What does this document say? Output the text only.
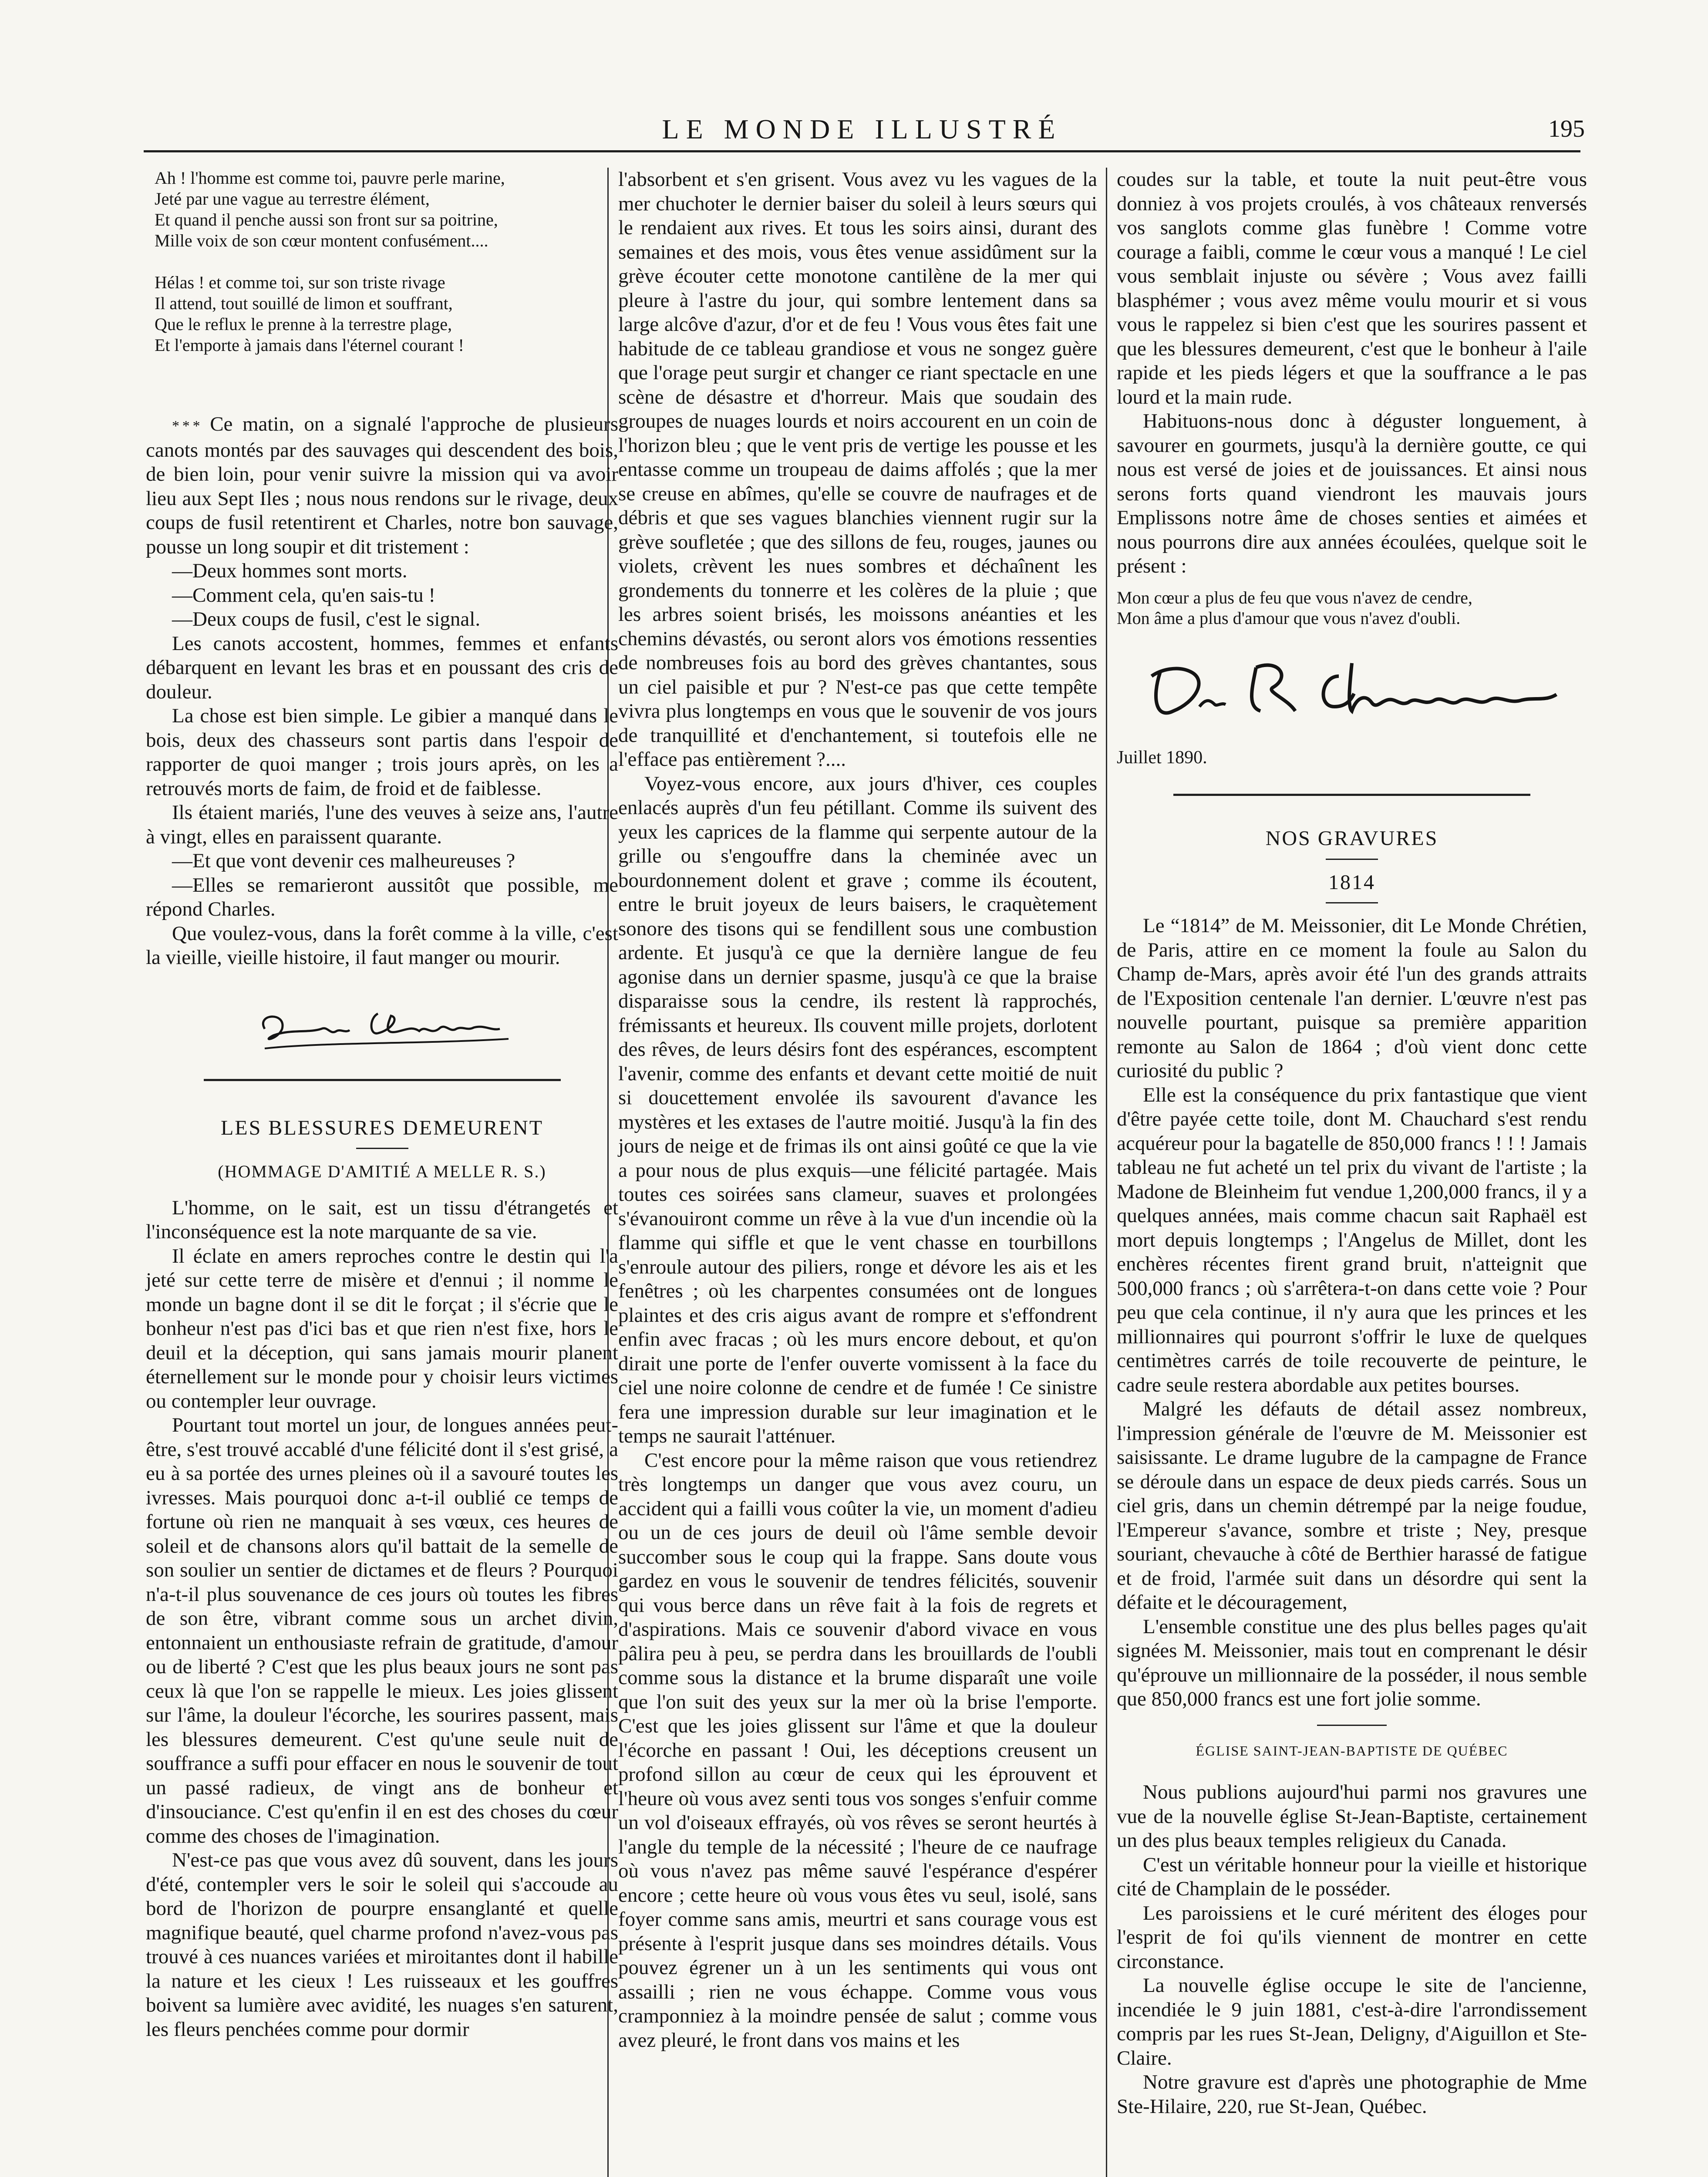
LE MONDE ILLUSTRÉ	195
Ah ! l'homme est comme toi, pauvre perle marine,
Jeté par une vague au terrestre élément,
Et quand il penche aussi son front sur sa poitrine,
Mille voix de son cœur montent confusément....
Hélas ! et comme toi, sur son triste rivage
Il attend, tout souillé de limon et souffrant,
Que le reflux le prenne à la terrestre plage,
Et l'emporte à jamais dans l'éternel courant !

* * * Ce matin, on a signalé l'approche de plusieurs canots montés par des sauvages qui descendent des bois, de bien loin, pour venir suivre la mission qui va avoir lieu aux Sept Iles ; nous nous rendons sur le rivage, deux coups de fusil retentirent et Charles, notre bon sauvage, pousse un long soupir et dit tristement :

—Deux hommes sont morts.

—Comment cela, qu'en sais-tu !

—Deux coups de fusil, c'est le signal.

Les canots accostent, hommes, femmes et enfants débarquent en levant les bras et en poussant des cris de douleur.

La chose est bien simple. Le gibier a manqué dans le bois, deux des chasseurs sont partis dans l'espoir de rapporter de quoi manger ; trois jours après, on les a retrouvés morts de faim, de froid et de faiblesse.

Ils étaient mariés, l'une des veuves à seize ans, l'autre à vingt, elles en paraissent quarante.

—Et que vont devenir ces malheureuses ?

—Elles se remarieront aussitôt que possible, me répond Charles.

Que voulez-vous, dans la forêt comme à la ville, c'est la vieille, vieille histoire, il faut manger ou mourir.

LES BLESSURES DEMEURENT
(HOMMAGE D'AMITIÉ A MELLE R. S.)

L'homme, on le sait, est un tissu d'étrangetés et l'inconséquence est la note marquante de sa vie.

Il éclate en amers reproches contre le destin qui l'a jeté sur cette terre de misère et d'ennui ; il nomme le monde un bagne dont il se dit le forçat ; il s'écrie que le bonheur n'est pas d'ici bas et que rien n'est fixe, hors le deuil et la déception, qui sans jamais mourir planent éternellement sur le monde pour y choisir leurs victimes ou contempler leur ouvrage.

Pourtant tout mortel un jour, de longues années peut-être, s'est trouvé accablé d'une félicité dont il s'est grisé, a eu à sa portée des urnes pleines où il a savouré toutes les ivresses. Mais pourquoi donc a-t-il oublié ce temps de fortune où rien ne manquait à ses vœux, ces heures de soleil et de chansons alors qu'il battait de la semelle de son soulier un sentier de dictames et de fleurs ? Pourquoi n'a-t-il plus souvenance de ces jours où toutes les fibres de son être, vibrant comme sous un archet divin, entonnaient un enthousiaste refrain de gratitude, d'amour ou de liberté ? C'est que les plus beaux jours ne sont pas ceux là que l'on se rappelle le mieux. Les joies glissent sur l'âme, la douleur l'écorche, les sourires passent, mais les blessures demeurent. C'est qu'une seule nuit de souffrance a suffi pour effacer en nous le souvenir de tout un passé radieux, de vingt ans de bonheur et d'insouciance. C'est qu'enfin il en est des choses du cœur comme des choses de l'imagination.

N'est-ce pas que vous avez dû souvent, dans les jours d'été, contempler vers le soir le soleil qui s'accoude au bord de l'horizon de pourpre ensanglanté et quelle magnifique beauté, quel charme profond n'avez-vous pas trouvé à ces nuances variées et miroitantes dont il habille la nature et les cieux ! Les ruisseaux et les gouffres boivent sa lumière avec avidité, les nuages s'en saturent, les fleurs penchées comme pour dormir

l'absorbent et s'en grisent. Vous avez vu les vagues de la mer chuchoter le dernier baiser du soleil à leurs sœurs qui le rendaient aux rives. Et tous les soirs ainsi, durant des semaines et des mois, vous êtes venue assidûment sur la grève écouter cette monotone cantilène de la mer qui pleure à l'astre du jour, qui sombre lentement dans sa large alcôve d'azur, d'or et de feu ! Vous vous êtes fait une habitude de ce tableau grandiose et vous ne songez guère que l'orage peut surgir et changer ce riant spectacle en une scène de désastre et d'horreur. Mais que soudain des groupes de nuages lourds et noirs accourent en un coin de l'horizon bleu ; que le vent pris de vertige les pousse et les entasse comme un troupeau de daims affolés ; que la mer se creuse en abîmes, qu'elle se couvre de naufrages et de débris et que ses vagues blanchies viennent rugir sur la grève soufletée ; que des sillons de feu, rouges, jaunes ou violets, crèvent les nues sombres et déchaînent les grondements du tonnerre et les colères de la pluie ; que les arbres soient brisés, les moissons anéanties et les chemins dévastés, ou seront alors vos émotions ressenties de nombreuses fois au bord des grèves chantantes, sous un ciel paisible et pur ? N'est-ce pas que cette tempête vivra plus longtemps en vous que le souvenir de vos jours de tranquillité et d'enchantement, si toutefois elle ne l'efface pas entièrement ?....

Voyez-vous encore, aux jours d'hiver, ces couples enlacés auprès d'un feu pétillant. Comme ils suivent des yeux les caprices de la flamme qui serpente autour de la grille ou s'engouffre dans la cheminée avec un bourdonnement dolent et grave ; comme ils écoutent, entre le bruit joyeux de leurs baisers, le craquètement sonore des tisons qui se fendillent sous une combustion ardente. Et jusqu'à ce que la dernière langue de feu agonise dans un dernier spasme, jusqu'à ce que la braise disparaisse sous la cendre, ils restent là rapprochés, frémissants et heureux. Ils couvent mille projets, dorlotent des rêves, de leurs désirs font des espérances, escomptent l'avenir, comme des enfants et devant cette moitié de nuit si doucettement envolée ils savourent d'avance les mystères et les extases de l'autre moitié. Jusqu'à la fin des jours de neige et de frimas ils ont ainsi goûté ce que la vie a pour nous de plus exquis—une félicité partagée. Mais toutes ces soirées sans clameur, suaves et prolongées s'évanouiront comme un rêve à la vue d'un incendie où la flamme qui siffle et que le vent chasse en tourbillons s'enroule autour des piliers, ronge et dévore les ais et les fenêtres ; où les charpentes consumées ont de longues plaintes et des cris aigus avant de rompre et s'effondrent enfin avec fracas ; où les murs encore debout, et qu'on dirait une porte de l'enfer ouverte vomissent à la face du ciel une noire colonne de cendre et de fumée ! Ce sinistre fera une impression durable sur leur imagination et le temps ne saurait l'atténuer.

C'est encore pour la même raison que vous retiendrez très longtemps un danger que vous avez couru, un accident qui a failli vous coûter la vie, un moment d'adieu ou un de ces jours de deuil où l'âme semble devoir succomber sous le coup qui la frappe. Sans doute vous gardez en vous le souvenir de tendres félicités, souvenir qui vous berce dans un rêve fait à la fois de regrets et d'aspirations. Mais ce souvenir d'abord vivace en vous pâlira peu à peu, se perdra dans les brouillards de l'oubli comme sous la distance et la brume disparaît une voile que l'on suit des yeux sur la mer où la brise l'emporte. C'est que les joies glissent sur l'âme et que la douleur l'écorche en passant ! Oui, les déceptions creusent un profond sillon au cœur de ceux qui les éprouvent et l'heure où vous avez senti tous vos songes s'enfuir comme un vol d'oiseaux effrayés, où vos rêves se seront heurtés à l'angle du temple de la nécessité ; l'heure de ce naufrage où vous n'avez pas même sauvé l'espérance d'espérer encore ; cette heure où vous vous êtes vu seul, isolé, sans foyer comme sans amis, meurtri et sans courage vous est présente à l'esprit jusque dans ses moindres détails. Vous pouvez égrener un à un les sentiments qui vous ont assailli ; rien ne vous échappe. Comme vous vous cramponniez à la moindre pensée de salut ; comme vous avez pleuré, le front dans vos mains et les

coudes sur la table, et toute la nuit peut-être vous donniez à vos projets croulés, à vos châteaux renversés vos sanglots comme glas funèbre ! Comme votre courage a faibli, comme le cœur vous a manqué ! Le ciel vous semblait injuste ou sévère ; Vous avez failli blasphémer ; vous avez même voulu mourir et si vous vous le rappelez si bien c'est que les sourires passent et que les blessures demeurent, c'est que le bonheur à l'aile rapide et les pieds légers et que la souffrance a le pas lourd et la main rude.

Habituons-nous donc à déguster longuement, à savourer en gourmets, jusqu'à la dernière goutte, ce qui nous est versé de joies et de jouissances. Et ainsi nous serons forts quand viendront les mauvais jours Emplissons notre âme de choses senties et aimées et nous pourrons dire aux années écoulées, quelque soit le présent :

Mon cœur a plus de feu que vous n'avez de cendre,
Mon âme a plus d'amour que vous n'avez d'oubli.

Juillet 1890.

NOS GRAVURES
1814

Le “1814” de M. Meissonier, dit Le Monde Chrétien, de Paris, attire en ce moment la foule au Salon du Champ de-Mars, après avoir été l'un des grands attraits de l'Exposition centenale l'an dernier. L'œuvre n'est pas nouvelle pourtant, puisque sa première apparition remonte au Salon de 1864 ; d'où vient donc cette curiosité du public ?

Elle est la conséquence du prix fantastique que vient d'être payée cette toile, dont M. Chauchard s'est rendu acquéreur pour la bagatelle de 850,000 francs ! ! ! Jamais tableau ne fut acheté un tel prix du vivant de l'artiste ; la Madone de Bleinheim fut vendue 1,200,000 francs, il y a quelques années, mais comme chacun sait Raphaël est mort depuis longtemps ; l'Angelus de Millet, dont les enchères récentes firent grand bruit, n'atteignit que 500,000 francs ; où s'arrêtera-t-on dans cette voie ? Pour peu que cela continue, il n'y aura que les princes et les millionnaires qui pourront s'offrir le luxe de quelques centimètres carrés de toile recouverte de peinture, le cadre seule restera abordable aux petites bourses.

Malgré les défauts de détail assez nombreux, l'impression générale de l'œuvre de M. Meissonier est saisissante. Le drame lugubre de la campagne de France se déroule dans un espace de deux pieds carrés. Sous un ciel gris, dans un chemin détrempé par la neige foudue, l'Empereur s'avance, sombre et triste ; Ney, presque souriant, chevauche à côté de Berthier harassé de fatigue et de froid, l'armée suit dans un désordre qui sent la défaite et le découragement,

L'ensemble constitue une des plus belles pages qu'ait signées M. Meissonier, mais tout en comprenant le désir qu'éprouve un millionnaire de la posséder, il nous semble que 850,000 francs est une fort jolie somme.

ÉGLISE SAINT-JEAN-BAPTISTE DE QUÉBEC

Nous publions aujourd'hui parmi nos gravures une vue de la nouvelle église St-Jean-Baptiste, certainement un des plus beaux temples religieux du Canada.

C'est un véritable honneur pour la vieille et historique cité de Champlain de le posséder.

Les paroissiens et le curé méritent des éloges pour l'esprit de foi qu'ils viennent de montrer en cette circonstance.

La nouvelle église occupe le site de l'ancienne, incendiée le 9 juin 1881, c'est-à-dire l'arrondissement compris par les rues St-Jean, Deligny, d'Aiguillon et Ste-Claire.

Notre gravure est d'après une photographie de Mme Ste-Hilaire, 220, rue St-Jean, Québec.
